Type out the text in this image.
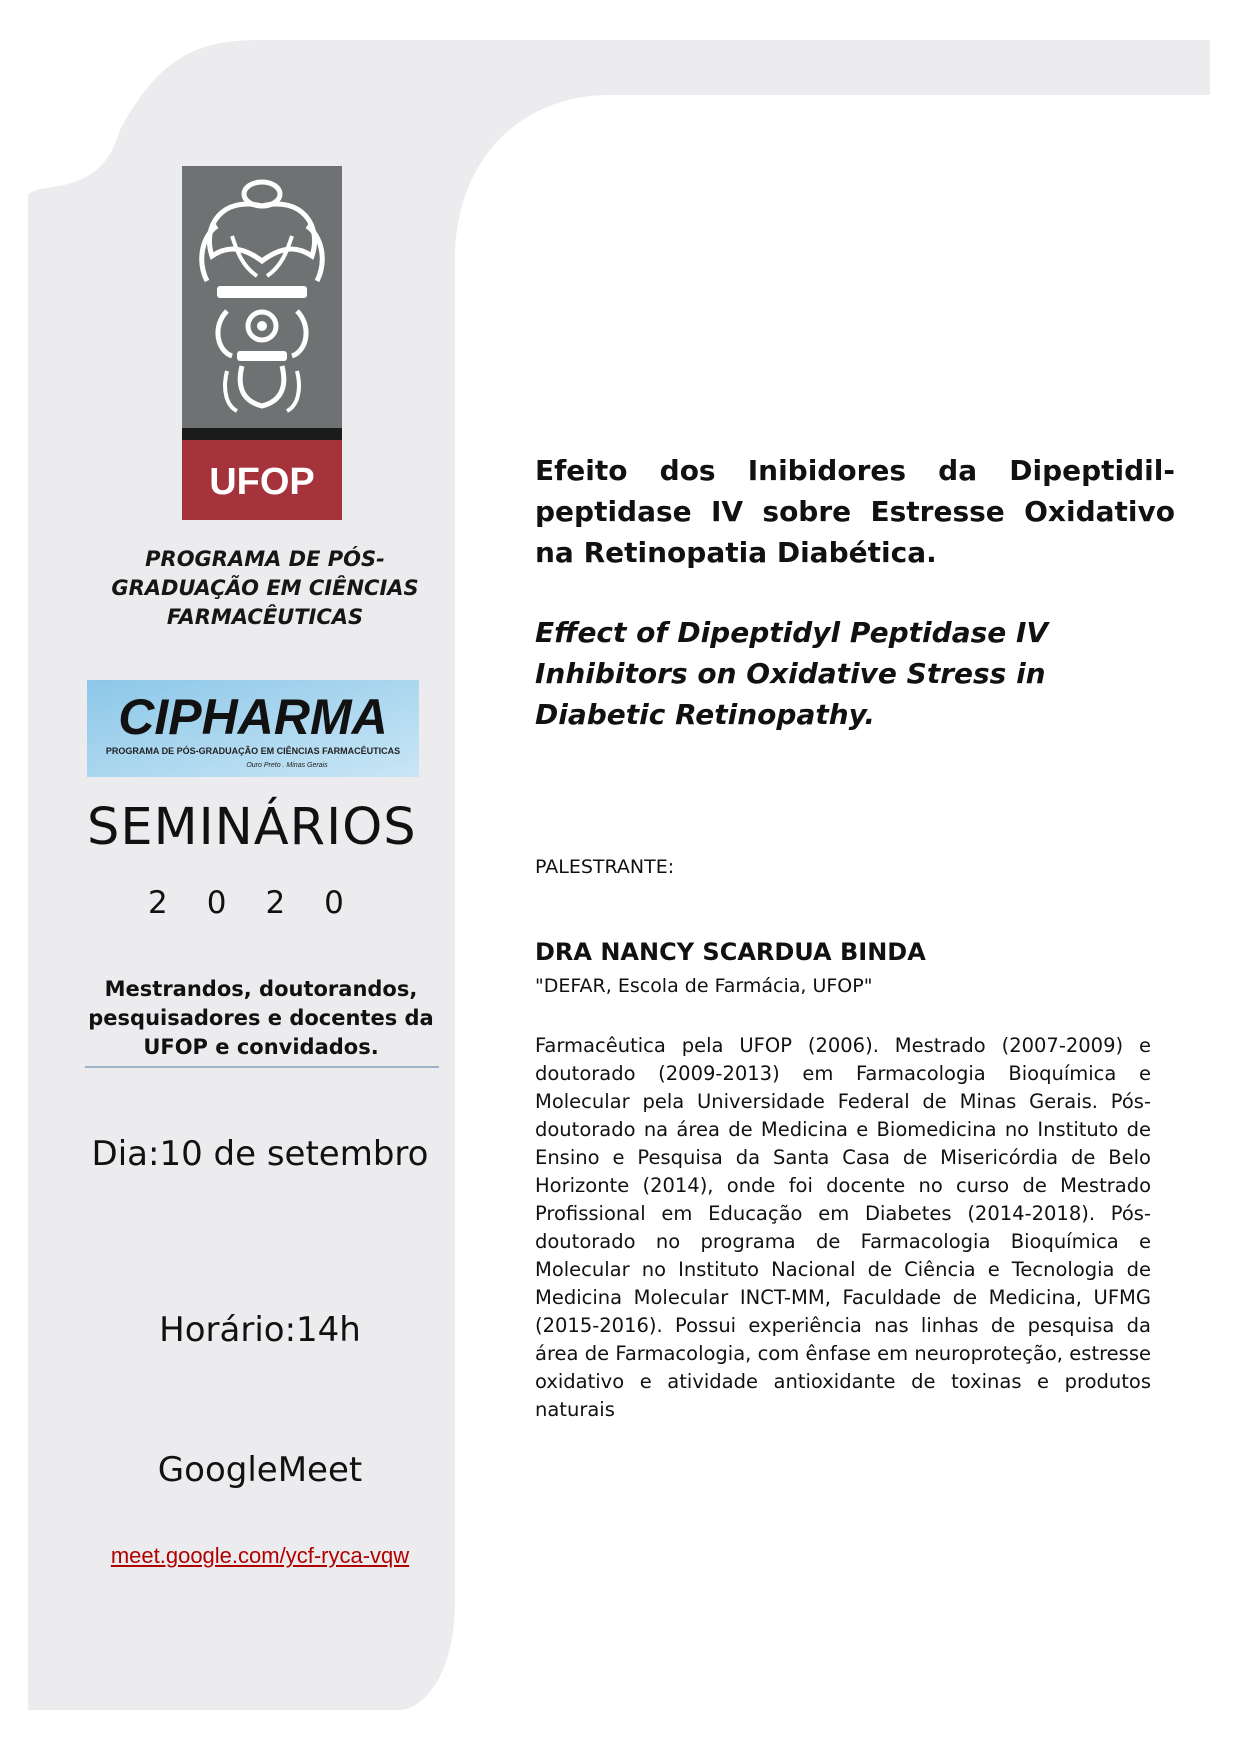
UFOP
PROGRAMA DE PÓS-GRADUAÇÃO EM CIÊNCIAS FARMACÊUTICAS
CIPHARMA
PROGRAMA DE PÓS-GRADUAÇÃO EM CIÊNCIAS FARMACÊUTICAS
Ouro Preto . Minas Gerais
SEMINÁRIOS
2020
Mestrandos, doutorandos, pesquisadores e docentes da UFOP e convidados.
Dia:10 de setembro
Horário:14h
GoogleMeet
meet.google.com/ycf-ryca-vqw
Efeito dos Inibidores da Dipeptidil-peptidase IV sobre Estresse Oxidativo na Retinopatia Diabética.
Effect of Dipeptidyl Peptidase IV Inhibitors on Oxidative Stress in Diabetic Retinopathy.
PALESTRANTE:
DRA NANCY SCARDUA BINDA
"DEFAR, Escola de Farmácia, UFOP"
Farmacêutica pela UFOP (2006). Mestrado (2007-2009) e doutorado (2009-2013) em Farmacologia Bioquímica e Molecular pela Universidade Federal de Minas Gerais. Pós-doutorado na área de Medicina e Biomedicina no Instituto de Ensino e Pesquisa da Santa Casa de Misericórdia de Belo Horizonte (2014), onde foi docente no curso de Mestrado Profissional em Educação em Diabetes (2014-2018). Pós-doutorado no programa de Farmacologia Bioquímica e Molecular no Instituto Nacional de Ciência e Tecnologia de Medicina Molecular INCT-MM, Faculdade de Medicina, UFMG (2015-2016). Possui experiência nas linhas de pesquisa da área de Farmacologia, com ênfase em neuroproteção, estresse oxidativo e atividade antioxidante de toxinas e produtos naturais
